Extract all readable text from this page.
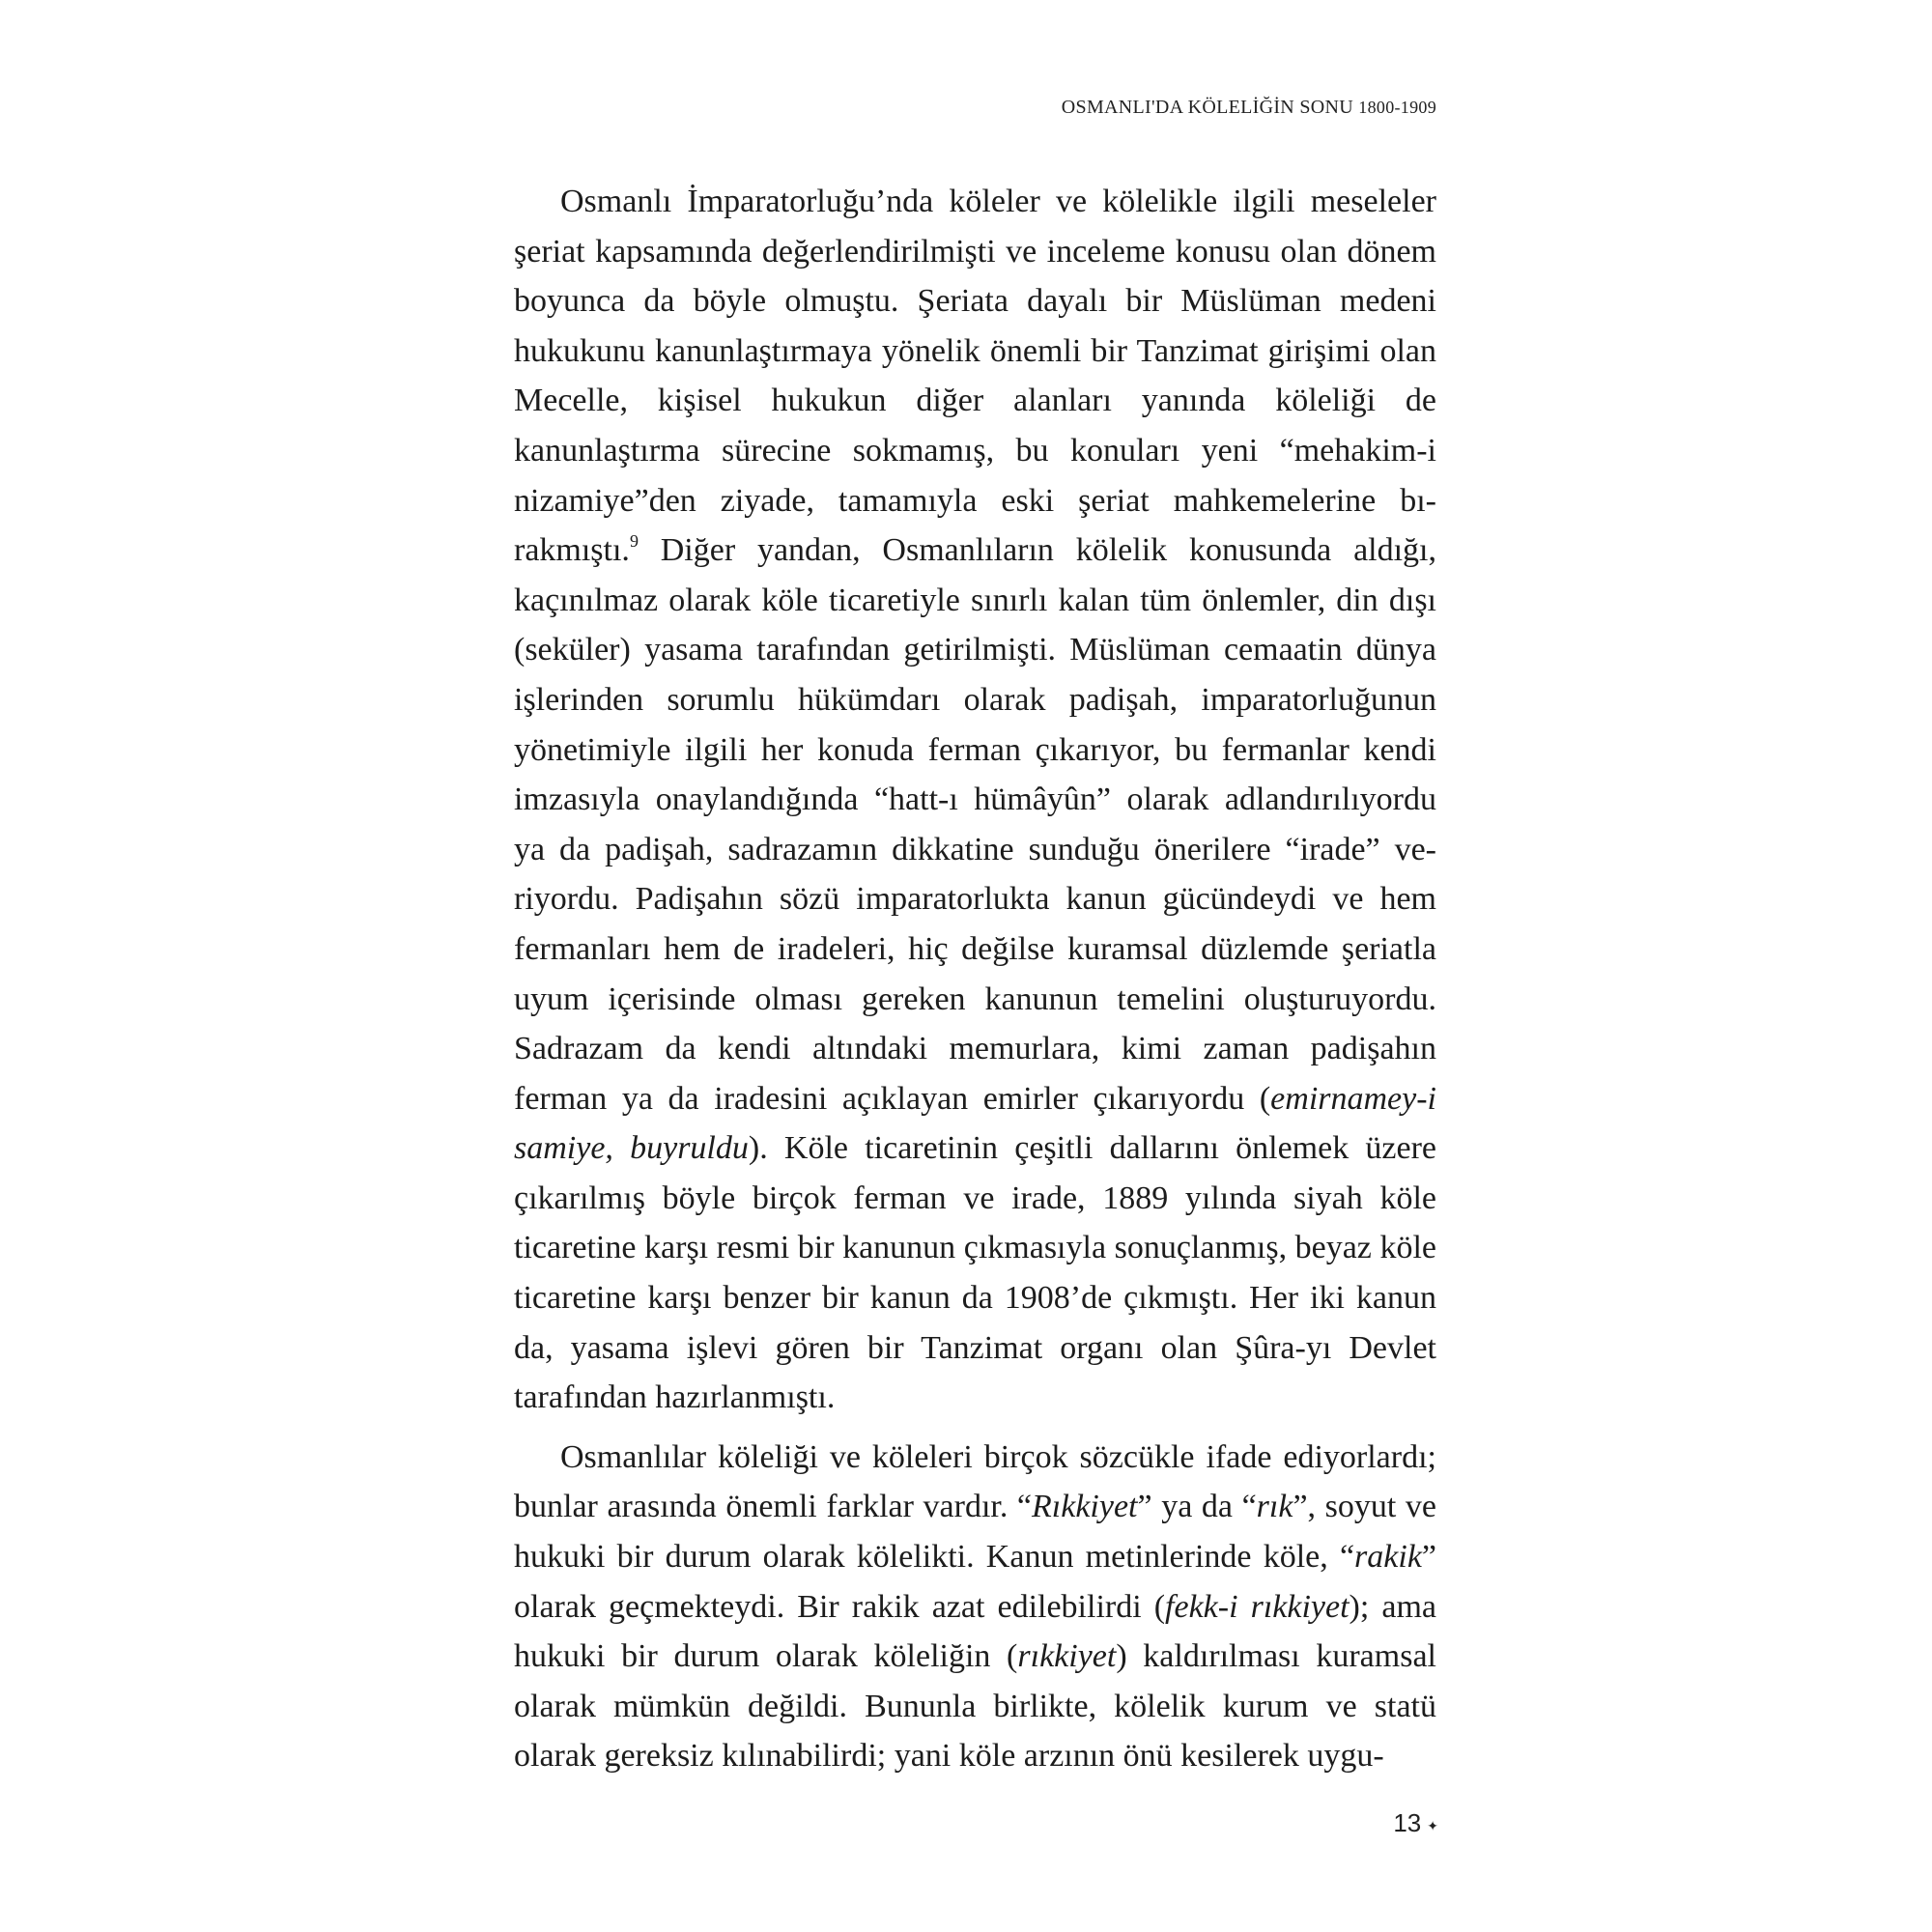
OSMANLI'DA KÖLELİĞİN SONU 1800-1909

Osmanlı İmparatorluğu’nda köleler ve kölelikle ilgili meseleler şeriat kapsamında değerlendirilmişti ve inceleme konusu olan dönem boyunca da böyle olmuştu. Şeriata dayalı bir Müslüman medeni hukukunu kanunlaştırmaya yönelik önemli bir Tanzimat girişimi olan Mecelle, kişisel hukukun diğer alanları yanında köleliği de kanunlaştırma sürecine sokmamış, bu konuları yeni “mehakim-i nizamiye”den ziyade, tamamıyla eski şeriat mahkemelerine bı-rakmıştı.$^9$ Diğer yandan, Osmanlıların kölelik konusunda aldığı, kaçınılmaz olarak köle ticaretiyle sınırlı kalan tüm önlemler, din dışı (seküler) yasama tarafından getirilmişti. Müslüman cemaatin dünya işlerinden sorumlu hükümdarı olarak padişah, imparatorluğunun yönetimiyle ilgili her konuda ferman çıkarıyor, bu fermanlar kendi imzasıyla onaylandığında “hatt-ı hümâyûn” olarak adlandırılıyordu ya da padişah, sadrazamın dikkatine sunduğu önerilere “irade” ve-riyordu. Padişahın sözü imparatorlukta kanun gücündeydi ve hem fermanları hem de iradeleri, hiç değilse kuramsal düzlemde şeriatla uyum içerisinde olması gereken kanunun temelini oluşturuyordu. Sadrazam da kendi altındaki memurlara, kimi zaman padişahın ferman ya da iradesini açıklayan emirler çıkarıyordu (emirnamey-i samiye, buyruldu). Köle ticaretinin çeşitli dallarını önlemek üzere çıkarılmış böyle birçok ferman ve irade, 1889 yılında siyah köle ticaretine karşı resmi bir kanunun çıkmasıyla sonuçlanmış, beyaz köle ticaretine karşı benzer bir kanun da 1908’de çıkmıştı. Her iki kanun da, yasama işlevi gören bir Tanzimat organı olan Şûra-yı Devlet tarafından hazırlanmıştı.

Osmanlılar köleliği ve köleleri birçok sözcükle ifade ediyorlardı; bunlar arasında önemli farklar vardır. “Rıkkiyet” ya da “rık”, soyut ve hukuki bir durum olarak kölelikti. Kanun metinlerinde köle, “rakik” olarak geçmekteydi. Bir rakik azat edilebilirdi (fekk-i rıkkiyet); ama hukuki bir durum olarak köleliğin (rıkkiyet) kaldırılması kuramsal olarak mümkün değildi. Bununla birlikte, kölelik kurum ve statü olarak gereksiz kılınabilirdi; yani köle arzının önü kesilerek uygu-

13 ✦
